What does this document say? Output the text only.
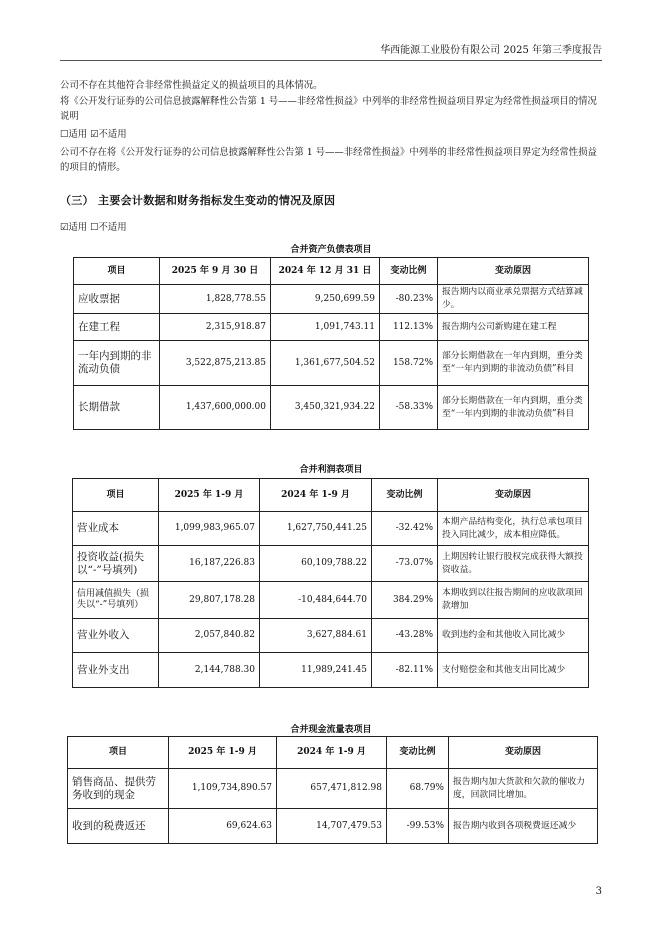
华西能源工业股份有限公司 2025 年第三季度报告
公司不存在其他符合非经常性损益定义的损益项目的具体情况。
将《公开发行证券的公司信息披露解释性公告第 1 号——非经常性损益》中列举的非经常性损益项目界定为经常性损益项目的情况说明
☐适用 ☑不适用
公司不存在将《公开发行证券的公司信息披露解释性公告第 1 号——非经常性损益》中列举的非经常性损益项目界定为经常性损益的项目的情形。
（三） 主要会计数据和财务指标发生变动的情况及原因
☑适用 ☐不适用
合并资产负债表项目
项目	2025 年 9 月 30 日	2024 年 12 月 31 日	变动比例	变动原因
应收票据	1,828,778.55	9,250,699.59	-80.23%	报告期内以商业承兑票据方式结算减少。
在建工程	2,315,918.87	1,091,743.11	112.13%	报告期内公司新购建在建工程
一年内到期的非流动负债	3,522,875,213.85	1,361,677,504.52	158.72%	部分长期借款在一年内到期，重分类至“一年内到期的非流动负债”科目
长期借款	1,437,600,000.00	3,450,321,934.22	-58.33%	部分长期借款在一年内到期，重分类至“一年内到期的非流动负债”科目
合并利润表项目
项目	2025 年 1-9 月	2024 年 1-9 月	变动比例	变动原因
营业成本	1,099,983,965.07	1,627,750,441.25	-32.42%	本期产品结构变化，执行总承包项目投入同比减少，成本相应降低。
投资收益(损失以“-”号填列)	16,187,226.83	60,109,788.22	-73.07%	上期因转让银行股权完成获得大额投资收益。
信用减值损失（损失以“-”号填列）	29,807,178.28	-10,484,644.70	384.29%	本期收到以往报告期间的应收款项回款增加
营业外收入	2,057,840.82	3,627,884.61	-43.28%	收到违约金和其他收入同比减少
营业外支出	2,144,788.30	11,989,241.45	-82.11%	支付赔偿金和其他支出同比减少
合并现金流量表项目
项目	2025 年 1-9 月	2024 年 1-9 月	变动比例	变动原因
销售商品、提供劳务收到的现金	1,109,734,890.57	657,471,812.98	68.79%	报告期内加大货款和欠款的催收力度，回款同比增加。
收到的税费返还	69,624.63	14,707,479.53	-99.53%	报告期内收到各项税费返还减少
3
